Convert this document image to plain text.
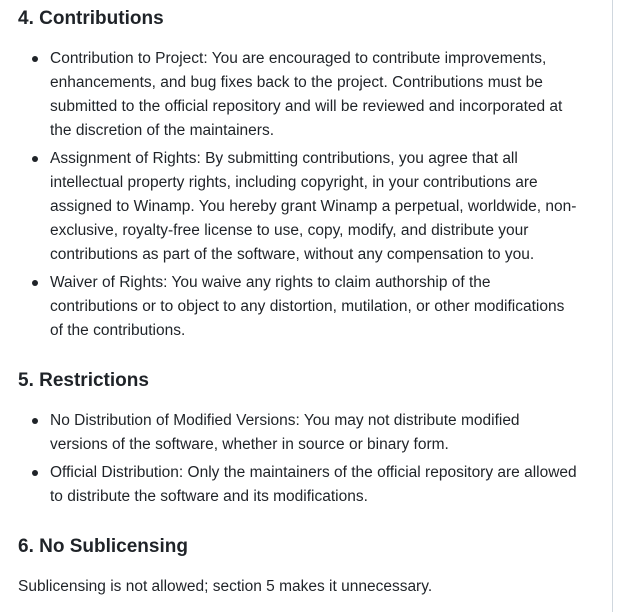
4. Contributions
Contribution to Project: You are encouraged to contribute improvements, enhancements, and bug fixes back to the project. Contributions must be submitted to the official repository and will be reviewed and incorporated at the discretion of the maintainers.
Assignment of Rights: By submitting contributions, you agree that all intellectual property rights, including copyright, in your contributions are assigned to Winamp. You hereby grant Winamp a perpetual, worldwide, non-exclusive, royalty-free license to use, copy, modify, and distribute your contributions as part of the software, without any compensation to you.
Waiver of Rights: You waive any rights to claim authorship of the contributions or to object to any distortion, mutilation, or other modifications of the contributions.
5. Restrictions
No Distribution of Modified Versions: You may not distribute modified versions of the software, whether in source or binary form.
Official Distribution: Only the maintainers of the official repository are allowed to distribute the software and its modifications.
6. No Sublicensing

Sublicensing is not allowed; section 5 makes it unnecessary.
